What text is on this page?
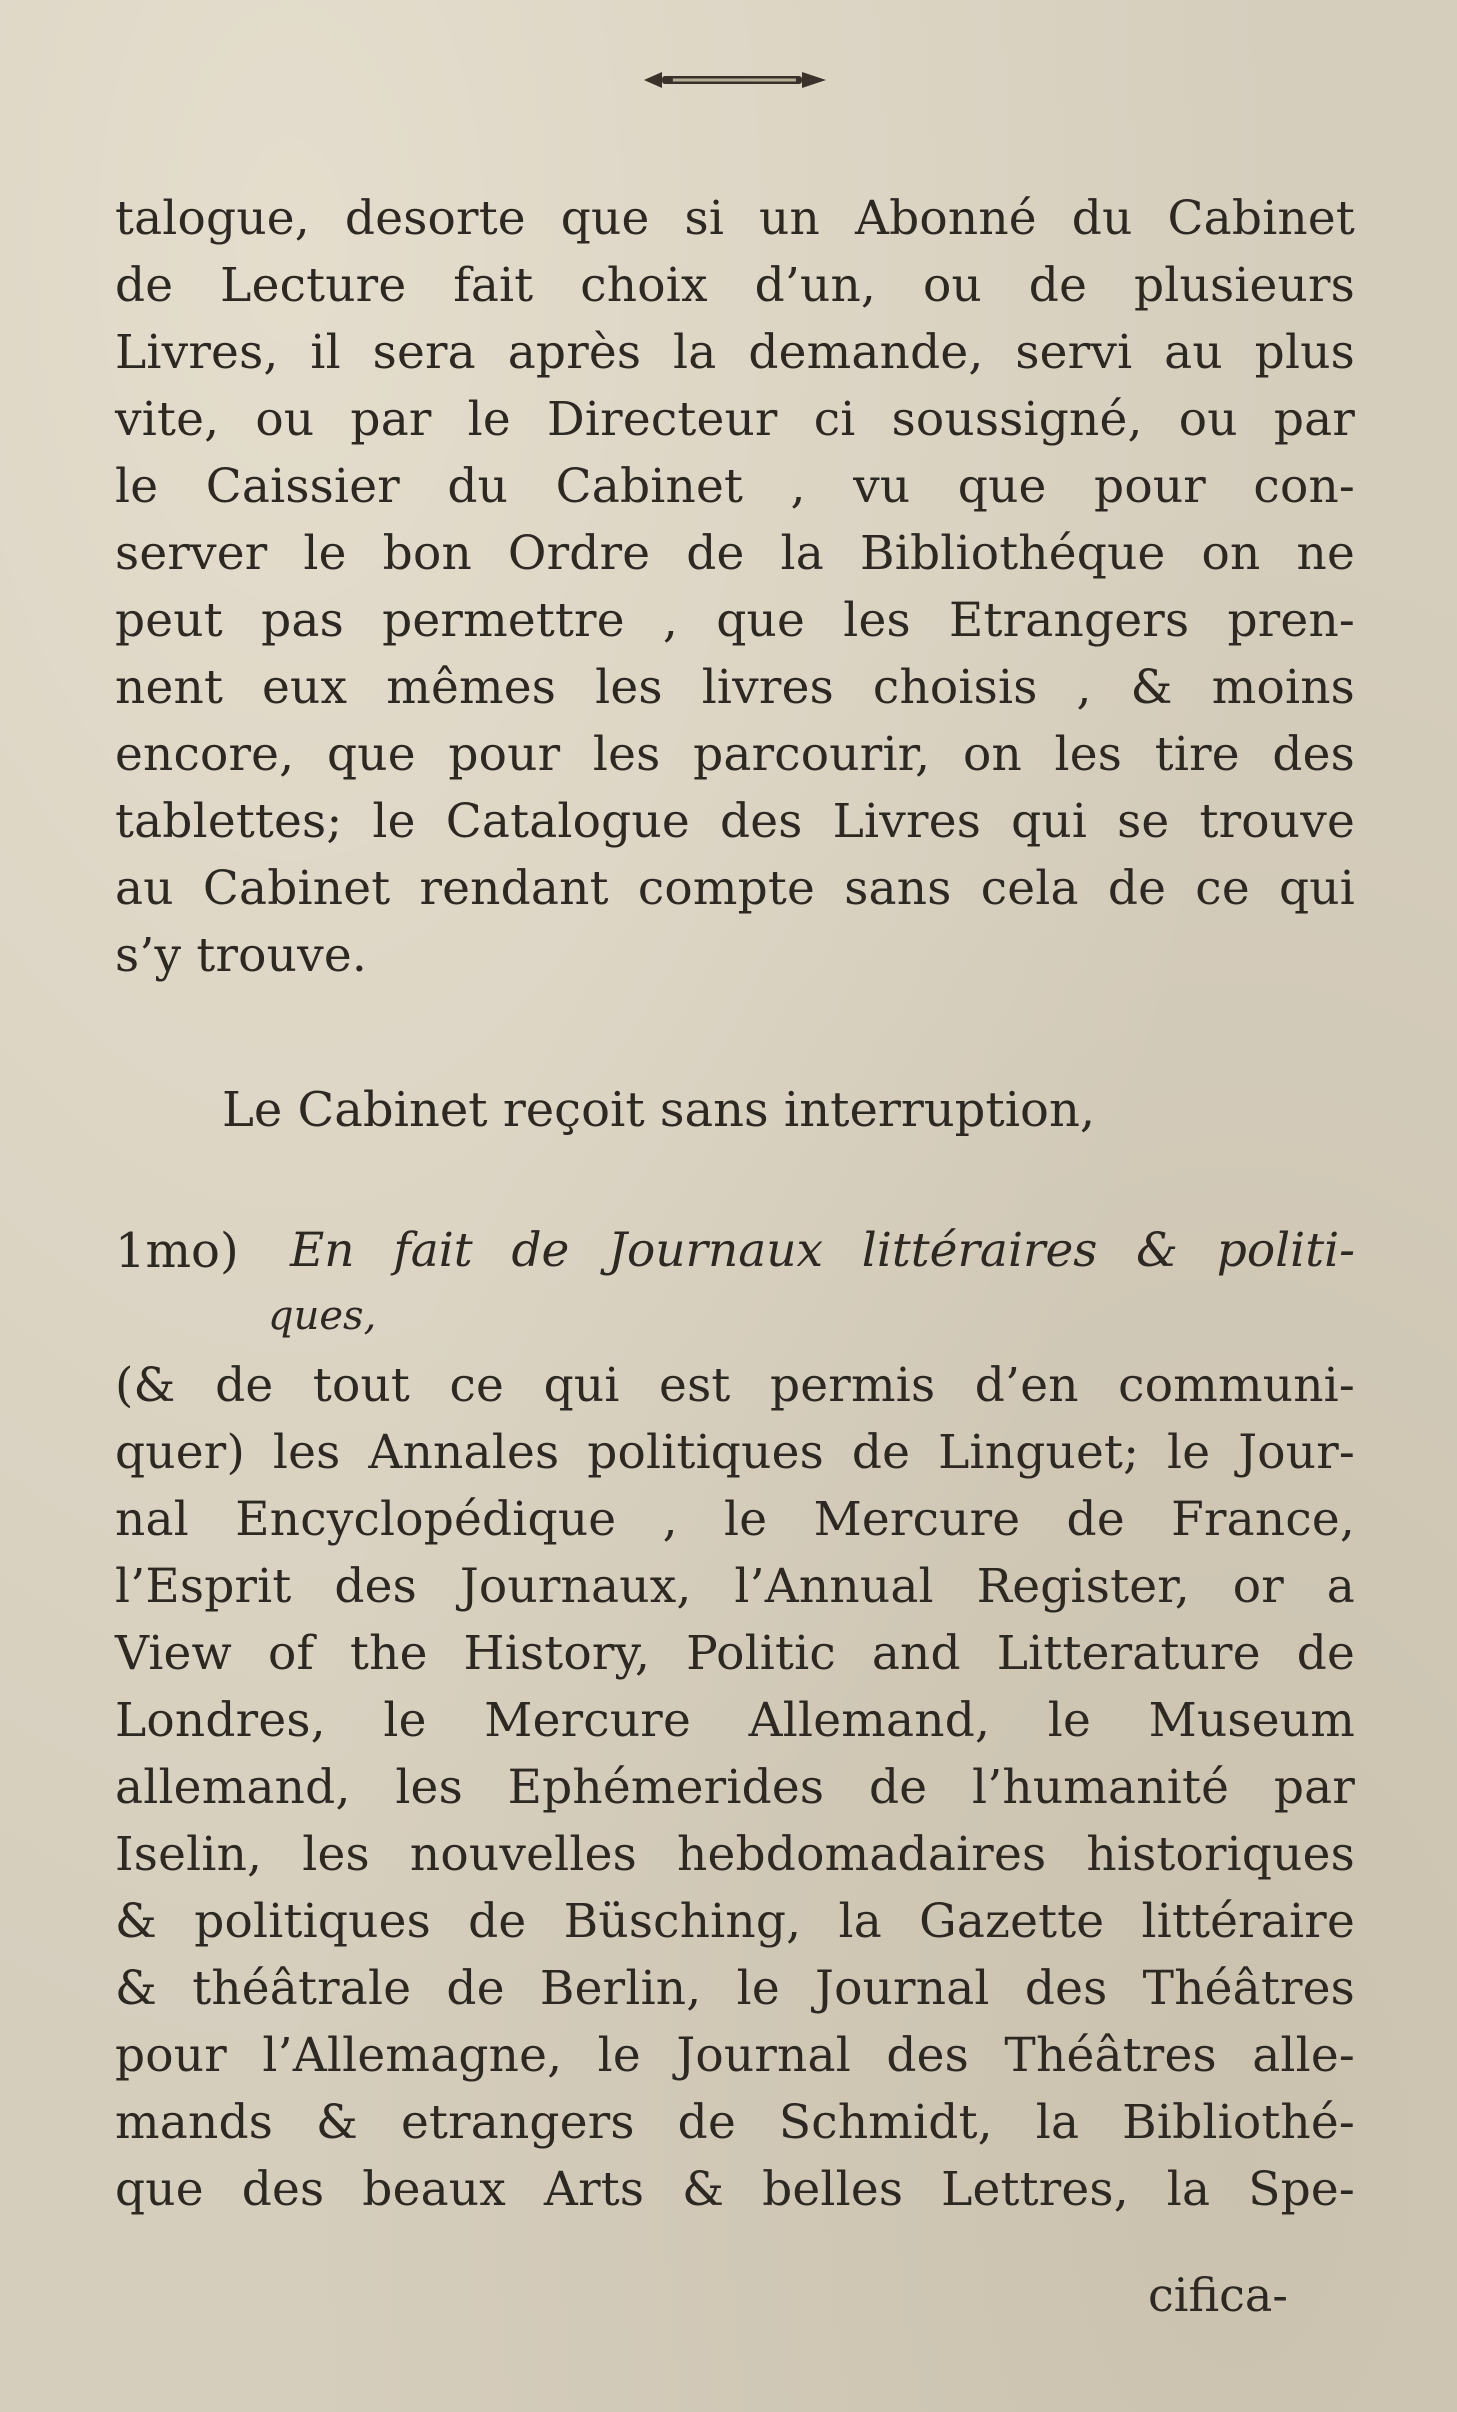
talogue, desorte que si un Abonné du Cabinet
de Lecture fait choix d’un, ou de plusieurs
Livres, il sera après la demande, servi au plus
vite, ou par le Directeur ci soussigné, ou par
le Caissier du Cabinet , vu que pour con-
server le bon Ordre de la Bibliothéque on ne
peut pas permettre , que les Etrangers pren-
nent eux mêmes les livres choisis , & moins
encore, que pour les parcourir, on les tire des
tablettes; le Catalogue des Livres qui se trouve
au Cabinet rendant compte sans cela de ce qui
s’y trouve.
Le Cabinet reçoit sans interruption,
1mo) En fait de Journaux littéraires & politi-
ques,
(& de tout ce qui est permis d’en communi-
quer) les Annales politiques de Linguet; le Jour-
nal Encyclopédique , le Mercure de France,
l’Esprit des Journaux, l’Annual Register, or a
View of the History, Politic and Litterature de
Londres, le Mercure Allemand, le Museum
allemand, les Ephémerides de l’humanité par
Iselin, les nouvelles hebdomadaires historiques
& politiques de Büsching, la Gazette littéraire
& théâtrale de Berlin, le Journal des Théâtres
pour l’Allemagne, le Journal des Théâtres alle-
mands & etrangers de Schmidt, la Bibliothé-
que des beaux Arts & belles Lettres, la Spe-
cifica-
